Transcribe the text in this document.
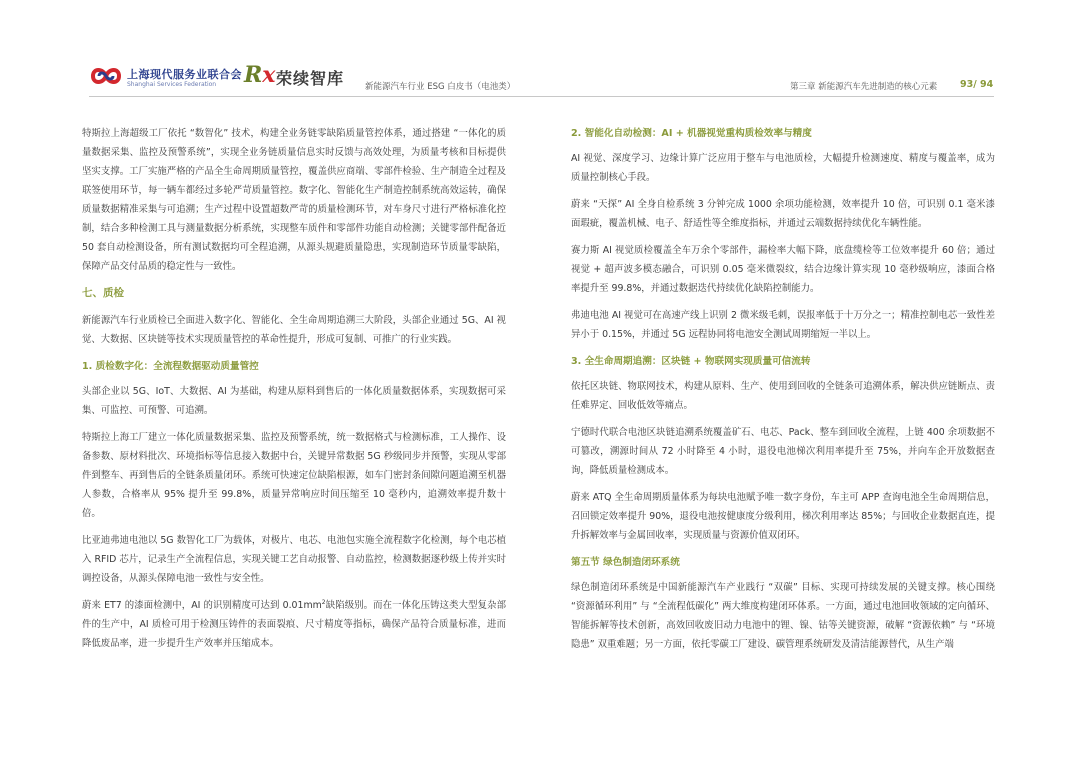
上海现代服务业联合会
Shanghai Services Federation Rx 荣续智库 新能源汽车行业 ESG 白皮书（电池类）	第三章 新能源汽车先进制造的核心元素 93/ 94

特斯拉上海超级工厂依托 “数智化” 技术，构建全业务链零缺陷质量管控体系，通过搭建 “一体化的质量数据采集、监控及预警系统”，实现全业务链质量信息实时反馈与高效处理，为质量考核和目标提供坚实支撑。工厂实施严格的产品全生命周期质量管控，覆盖供应商端、零部件检验、生产制造全过程及联签使用环节，每一辆车都经过多轮严苛质量管控。数字化、智能化生产制造控制系统高效运转，确保质量数据精准采集与可追溯；生产过程中设置超数严苛的质量检测环节，对车身尺寸进行严格标准化控制，结合多种检测工具与测量数据分析系统，实现整车质件和零部件功能自动检测；关键零部件配备近 50 套自动检测设备，所有测试数据均可全程追溯，从源头规避质量隐患，实现制造环节质量零缺陷，保障产品交付品质的稳定性与一致性。

七、质检

新能源汽车行业质检已全面进入数字化、智能化、全生命周期追溯三大阶段，头部企业通过 5G、AI 视觉、大数据、区块链等技术实现质量管控的革命性提升，形成可复制、可推广的行业实践。

1. 质检数字化：全流程数据驱动质量管控

头部企业以 5G、IoT、大数据、AI 为基础，构建从原料到售后的一体化质量数据体系，实现数据可采集、可监控、可预警、可追溯。

特斯拉上海工厂建立一体化质量数据采集、监控及预警系统，统一数据格式与检测标准，工人操作、设备参数、原材料批次、环境指标等信息接入数据中台，关键异常数据 5G 秒级同步并预警，实现从零部件到整车、再到售后的全链条质量闭环。系统可快速定位缺陷根源，如车门密封条间隙问题追溯至机器人参数，合格率从 95% 提升至 99.8%，质量异常响应时间压缩至 10 毫秒内，追溯效率提升数十倍。

比亚迪弗迪电池以 5G 数智化工厂为载体，对极片、电芯、电池包实施全流程数字化检测，每个电芯植入 RFID 芯片，记录生产全流程信息，实现关键工艺自动报警、自动监控，检测数据逐秒级上传并实时调控设备，从源头保障电池一致性与安全性。

蔚来 ET7 的漆面检测中，AI 的识别精度可达到 $0.01mm^2$缺陷级别。而在一体化压铸这类大型复杂部件的生产中，AI 质检可用于检测压铸件的表面裂痕、尺寸精度等指标，确保产品符合质量标准，进而降低废品率，进一步提升生产效率并压缩成本。

2. 智能化自动检测：AI + 机器视觉重构质检效率与精度

AI 视觉、深度学习、边缘计算广泛应用于整车与电池质检，大幅提升检测速度、精度与覆盖率，成为质量控制核心手段。

蔚来 “天探” AI 全身自检系统 3 分钟完成 1000 余项功能检测，效率提升 10 倍，可识别 0.1 毫米漆面瑕疵，覆盖机械、电子、舒适性等全维度指标，并通过云端数据持续优化车辆性能。

赛力斯 AI 视觉质检覆盖全车万余个零部件，漏检率大幅下降，底盘缆检等工位效率提升 60 倍；通过视觉 + 超声波多模态融合，可识别 0.05 毫米微裂纹，结合边缘计算实现 10 毫秒级响应，漆面合格率提升至 99.8%，并通过数据迭代持续优化缺陷控制能力。

弗迪电池 AI 视觉可在高速产线上识别 2 微米级毛刺，误报率低于十万分之一；精准控制电芯一致性差异小于 0.15%，并通过 5G 远程协同将电池安全测试周期缩短一半以上。

3. 全生命周期追溯：区块链 + 物联网实现质量可信流转

依托区块链、物联网技术，构建从原料、生产、使用到回收的全链条可追溯体系，解决供应链断点、责任难界定、回收低效等痛点。

宁德时代联合电池区块链追溯系统覆盖矿石、电芯、Pack、整车到回收全流程，上链 400 余项数据不可篡改，溯源时间从 72 小时降至 4 小时，退役电池梯次利用率提升至 75%，并向车企开放数据查询，降低质量检测成本。

蔚来 ATQ 全生命周期质量体系为每块电池赋予唯一数字身份，车主可 APP 查询电池全生命周期信息，召回锁定效率提升 90%，退役电池按健康度分级利用，梯次利用率达 85%；与回收企业数据直连，提升拆解效率与金属回收率，实现质量与资源价值双闭环。

第五节 绿色制造闭环系统

绿色制造闭环系统是中国新能源汽车产业践行 “双碳” 目标、实现可持续发展的关键支撑。核心围绕 “资源循环利用” 与 “全流程低碳化” 两大维度构建闭环体系。一方面，通过电池回收领域的定向循环、智能拆解等技术创新，高效回收废旧动力电池中的锂、镍、钴等关键资源，破解 “资源依赖” 与 “环境隐患” 双重难题；另一方面，依托零碳工厂建设、碳管理系统研发及清洁能源替代，从生产端
